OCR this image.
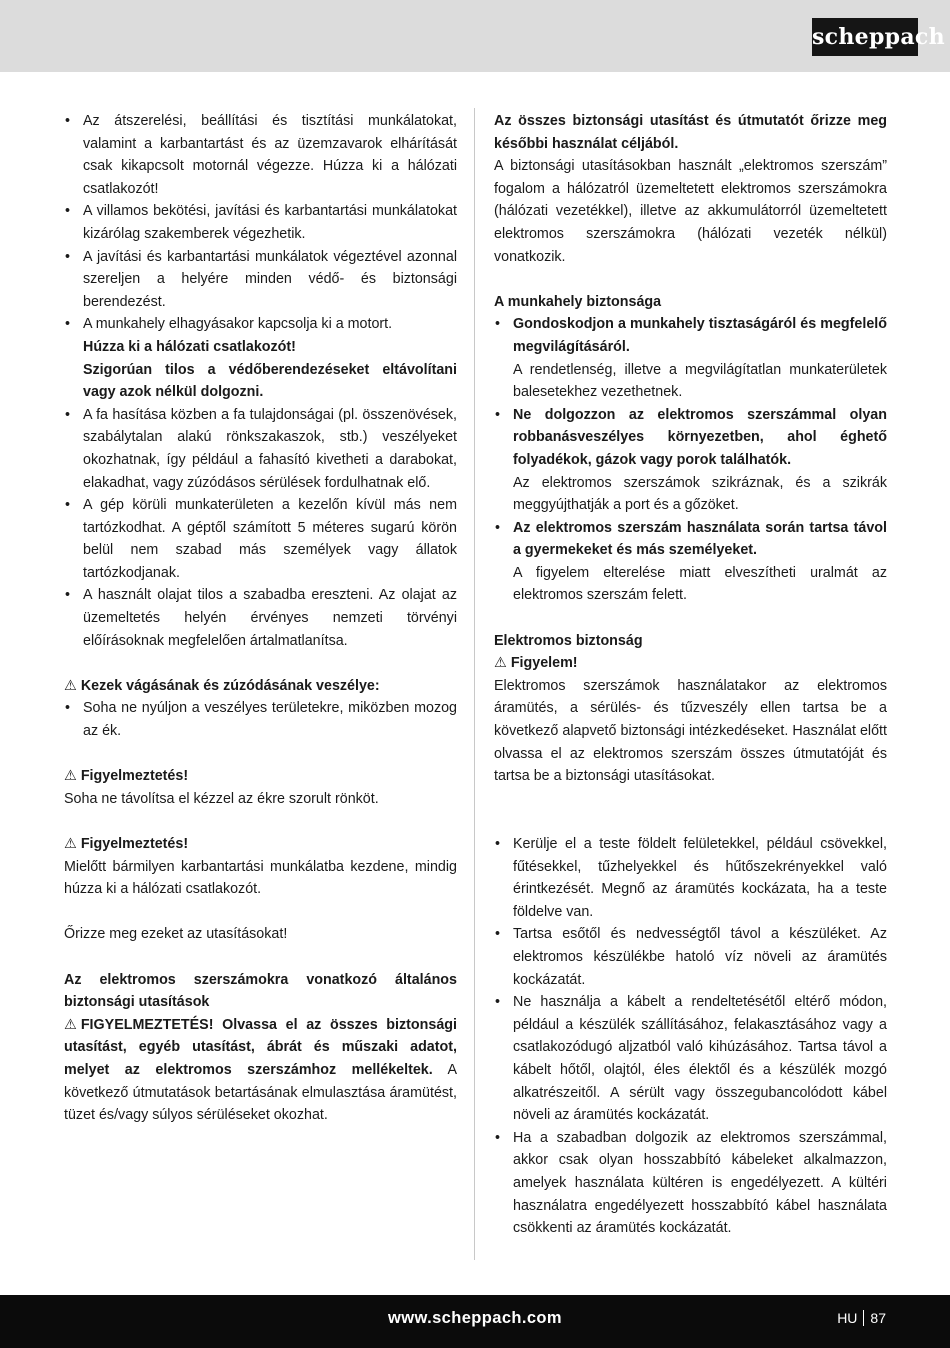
scheppach
• Az átszerelési, beállítási és tisztítási munkálatokat, valamint a karbantartást és az üzemzavarok elhárítását csak kikapcsolt motornál végezze. Húzza ki a hálózati csatlakozót!
• A villamos bekötési, javítási és karbantartási munkálatokat kizárólag szakemberek végezhetik.
• A javítási és karbantartási munkálatok végeztével azonnal szereljen a helyére minden védő- és biztonsági berendezést.
• A munkahely elhagyásakor kapcsolja ki a motort.
Húzza ki a hálózati csatlakozót!
Szigorúan tilos a védőberendezéseket eltávolítani vagy azok nélkül dolgozni.
• A fa hasítása közben a fa tulajdonságai (pl. összenövések, szabálytalan alakú rönkszakaszok, stb.) veszélyeket okozhatnak, így például a fahasító kivetheti a darabokat, elakadhat, vagy zúzódásos sérülések fordulhatnak elő.
• A gép körüli munkaterületen a kezelőn kívül más nem tartózkodhat. A géptől számított 5 méteres sugarú körön belül nem szabad más személyek vagy állatok tartózkodjanak.
• A használt olajat tilos a szabadba ereszteni. Az olajat az üzemeltetés helyén érvényes nemzeti törvényi előírásoknak megfelelően ártalmatlanítsa.

⚠ Kezek vágásának és zúzódásának veszélye:

• Soha ne nyúljon a veszélyes területekre, miközben mozog az ék.

⚠ Figyelmeztetés!

Soha ne távolítsa el kézzel az ékre szorult rönköt.

⚠ Figyelmeztetés!

Mielőtt bármilyen karbantartási munkálatba kezdene, mindig húzza ki a hálózati csatlakozót.

Őrizze meg ezeket az utasításokat!

Az elektromos szerszámokra vonatkozó általános biztonsági utasítások

⚠ FIGYELMEZTETÉS! Olvassa el az összes biztonsági utasítást, egyéb utasítást, ábrát és műszaki adatot, melyet az elektromos szerszámhoz mellékeltek. A következő útmutatások betartásának elmulasztása áramütést, tüzet és/vagy súlyos sérüléseket okozhat.

Az összes biztonsági utasítást és útmutatót őrizze meg későbbi használat céljából.

A biztonsági utasításokban használt „elektromos szerszám” fogalom a hálózatról üzemeltetett elektromos szerszámokra (hálózati vezetékkel), illetve az akkumulátorról üzemeltetett elektromos szerszámokra (hálózati vezeték nélkül) vonatkozik.

A munkahely biztonsága

• Gondoskodjon a munkahely tisztaságáról és megfelelő megvilágításáról.
A rendetlenség, illetve a megvilágítatlan munkaterületek balesetekhez vezethetnek.
• Ne dolgozzon az elektromos szerszámmal olyan robbanásveszélyes környezetben, ahol éghető folyadékok, gázok vagy porok találhatók.
Az elektromos szerszámok szikráznak, és a szikrák meggyújthatják a port és a gőzöket.
• Az elektromos szerszám használata során tartsa távol a gyermekeket és más személyeket.
A figyelem elterelése miatt elveszítheti uralmát az elektromos szerszám felett.

Elektromos biztonság

⚠ Figyelem!

Elektromos szerszámok használatakor az elektromos áramütés, a sérülés- és tűzveszély ellen tartsa be a következő alapvető biztonsági intézkedéseket. Használat előtt olvassa el az elektromos szerszám összes útmutatóját és tartsa be a biztonsági utasításokat.

• Kerülje el a teste földelt felületekkel, például csövekkel, fűtésekkel, tűzhelyekkel és hűtőszekrényekkel való érintkezését. Megnő az áramütés kockázata, ha a teste földelve van.
• Tartsa esőtől és nedvességtől távol a készüléket. Az elektromos készülékbe hatoló víz növeli az áramütés kockázatát.
• Ne használja a kábelt a rendeltetésétől eltérő módon, például a készülék szállításához, felakasztásához vagy a csatlakozódugó aljzatból való kihúzásához. Tartsa távol a kábelt hőtől, olajtól, éles élektől és a készülék mozgó alkatrészeitől. A sérült vagy összegubancolódott kábel növeli az áramütés kockázatát.
• Ha a szabadban dolgozik az elektromos szerszámmal, akkor csak olyan hosszabbító kábeleket alkalmazzon, amelyek használata kültéren is engedélyezett. A kültéri használatra engedélyezett hosszabbító kábel használata csökkenti az áramütés kockázatát.
www.scheppach.com	HU 87
